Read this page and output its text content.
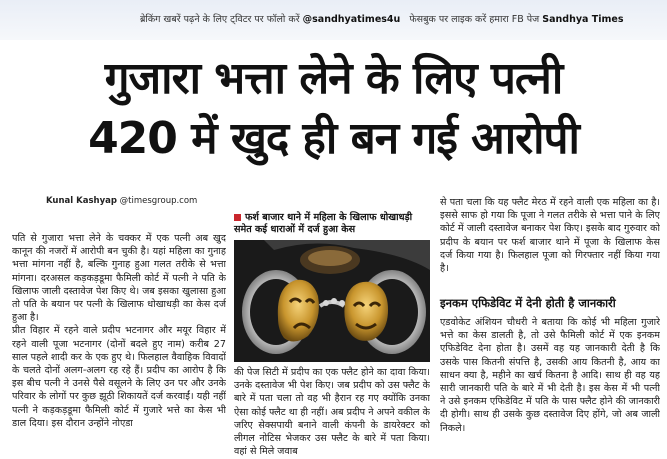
ब्रेकिंग खबरें पढ़ने के लिए ट्विटर पर फॉलो करें @sandhyatimes4u फेसबुक पर लाइक करें हमारा FB पेज Sandhya Times
गुजारा भत्ता लेने के लिए पत्नी
420 में खुद ही बन गई आरोपी
Kunal Kashyap @timesgroup.com

पति से गुजारा भत्ता लेने के चक्कर में एक पत्नी अब खुद कानून की नजरों में आरोपी बन चुकी है। यहां महिला का गुनाह भत्ता मांगना नहीं है, बल्कि गुनाह हुआ गलत तरीके से भत्ता मांगना। दरअसल कड़कड़डूमा फैमिली कोर्ट में पत्नी ने पति के खिलाफ जाली दस्तावेज पेश किए थे। जब इसका खुलासा हुआ तो पति के बयान पर पत्नी के खिलाफ धोखाधड़ी का केस दर्ज हुआ है।

प्रीत विहार में रहने वाले प्रदीप भटनागर और मयूर विहार में रहने वाली पूजा भटनागर (दोनों बदले हुए नाम) करीब 27 साल पहले शादी कर के एक हुए थे। फिलहाल वैवाहिक विवादों के चलते दोनों अलग-अलग रह रहे हैं। प्रदीप का आरोप है कि इस बीच पत्नी ने उनसे पैसे वसूलने के लिए उन पर और उनके परिवार के लोगों पर कुछ झूठी शिकायतें दर्ज करवाईं। यही नहीं पत्नी ने कड़कड़डूमा फैमिली कोर्ट में गुजारे भत्ते का केस भी डाल दिया। इस दौरान उन्होंने नोएडा

फर्श बाजार थाने में महिला के खिलाफ धोखाधड़ी समेत कई धाराओं में दर्ज हुआ केस

की पेज सिटी में प्रदीप का एक फ्लैट होने का दावा किया। उनके दस्तावेज भी पेश किए। जब प्रदीप को उस फ्लैट के बारे में पता चला तो वह भी हैरान रह गए क्योंकि उनका ऐसा कोई फ्लैट था ही नहीं। अब प्रदीप ने अपने वकील के जरिए सेक्सपायी बनाने वाली कंपनी के डायरेक्टर को लीगल नोटिस भेजकर उस फ्लैट के बारे में पता किया। वहां से मिले जवाब

से पता चला कि यह फ्लैट मेरठ में रहने वाली एक महिला का है। इससे साफ हो गया कि पूजा ने गलत तरीके से भत्ता पाने के लिए कोर्ट में जाली दस्तावेज बनाकर पेश किए। इसके बाद गुरुवार को प्रदीप के बयान पर फर्श बाजार थाने में पूजा के खिलाफ केस दर्ज किया गया है। फिलहाल पूजा को गिरफ्तार नहीं किया गया है।

इनकम एफिडेविट में देनी होती है जानकारी

एडवोकेट अंशियन चौधरी ने बताया कि कोई भी महिला गुजारे भत्ते का केस डालती है, तो उसे फैमिली कोर्ट में एक इनकम एफिडेविट देना होता है। उसमें वह यह जानकारी देती है कि उसके पास कितनी संपत्ति है, उसकी आय कितनी है, आय का साधन क्या है, महीने का खर्च कितना है आदि। साथ ही वह यह सारी जानकारी पति के बारे में भी देती है। इस केस में भी पत्नी ने उसे इनकम एफिडेविट में पति के पास फ्लैट होने की जानकारी दी होगी। साथ ही उसके कुछ दस्तावेज दिए होंगे, जो अब जाली निकले।
